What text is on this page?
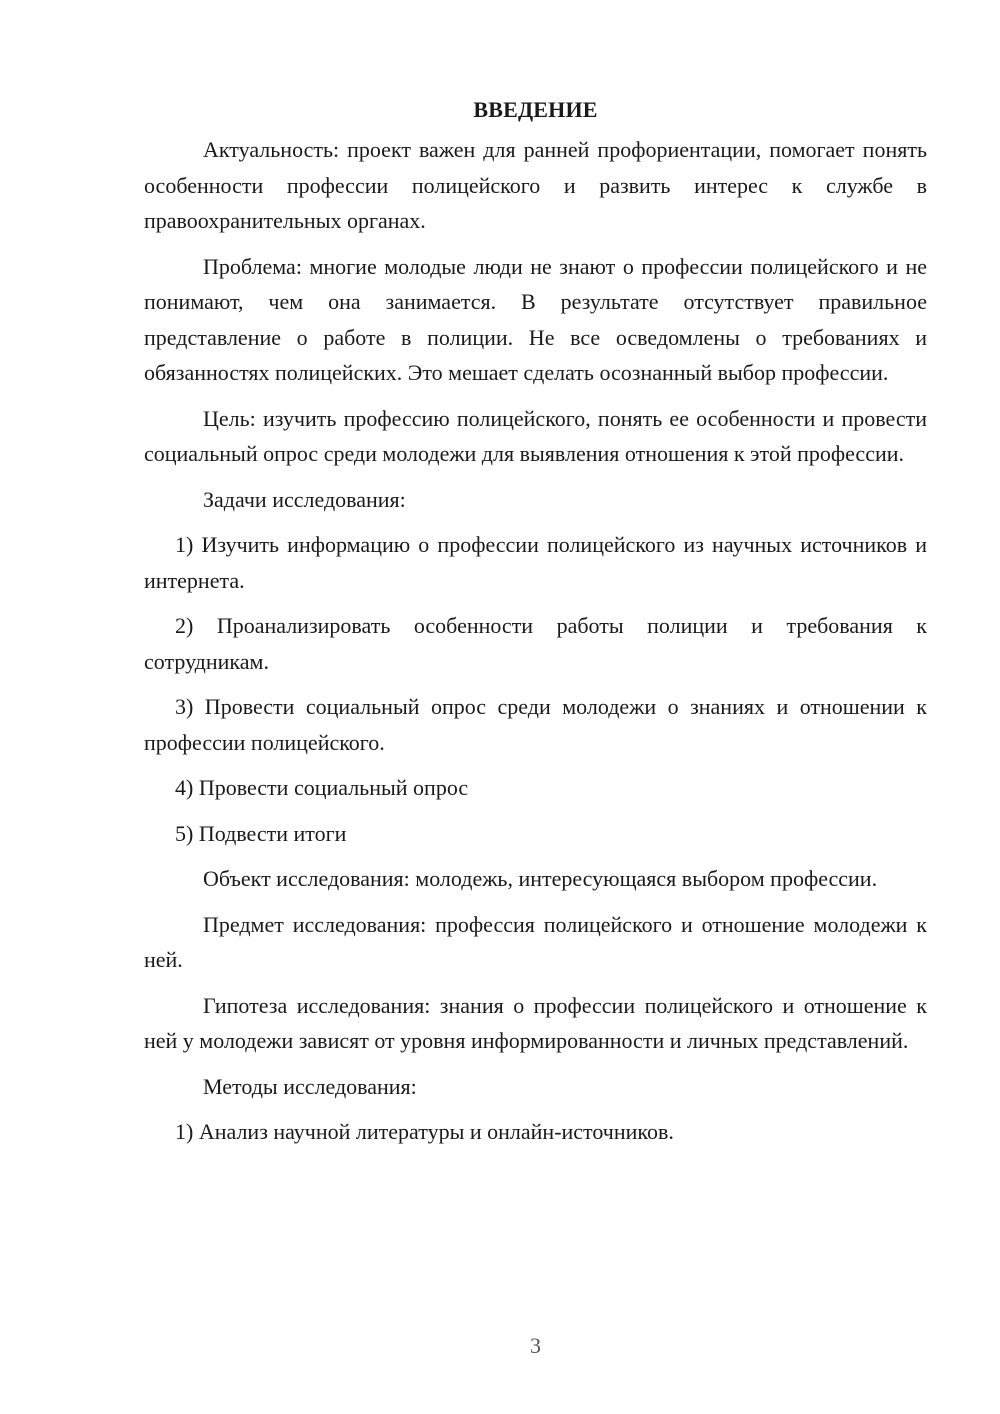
ВВЕДЕНИЕ

Актуальность: проект важен для ранней профориентации, помогает понять особенности профессии полицейского и развить интерес к службе в правоохранительных органах.

Проблема: многие молодые люди не знают о профессии полицейского и не понимают, чем она занимается. В результате отсутствует правильное представление о работе в полиции. Не все осведомлены о требованиях и обязанностях полицейских. Это мешает сделать осознанный выбор профессии.

Цель: изучить профессию полицейского, понять ее особенности и провести социальный опрос среди молодежи для выявления отношения к этой профессии.

Задачи исследования:

1) Изучить информацию о профессии полицейского из научных источников и интернета.

2) Проанализировать особенности работы полиции и требования к сотрудникам.

3) Провести социальный опрос среди молодежи о знаниях и отношении к профессии полицейского.

4) Провести социальный опрос

5) Подвести итоги

Объект исследования: молодежь, интересующаяся выбором профессии.

Предмет исследования: профессия полицейского и отношение молодежи к ней.

Гипотеза исследования: знания о профессии полицейского и отношение к ней у молодежи зависят от уровня информированности и личных представлений.

Методы исследования:

1) Анализ научной литературы и онлайн-источников.

3
